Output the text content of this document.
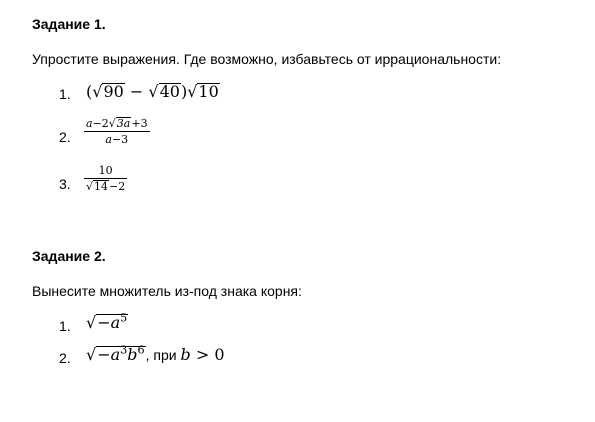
Задание 1.
Упростите выражения. Где возможно, избавьтесь от иррациональности:
1. (√90 − √40)√10
2.
a−2√3a+3
a−3
3.
10
√14−2
Задание 2.
Вынесите множитель из-под знака корня:
1. $√-a^5$
2. $√-a^3b^6$, при b > 0
